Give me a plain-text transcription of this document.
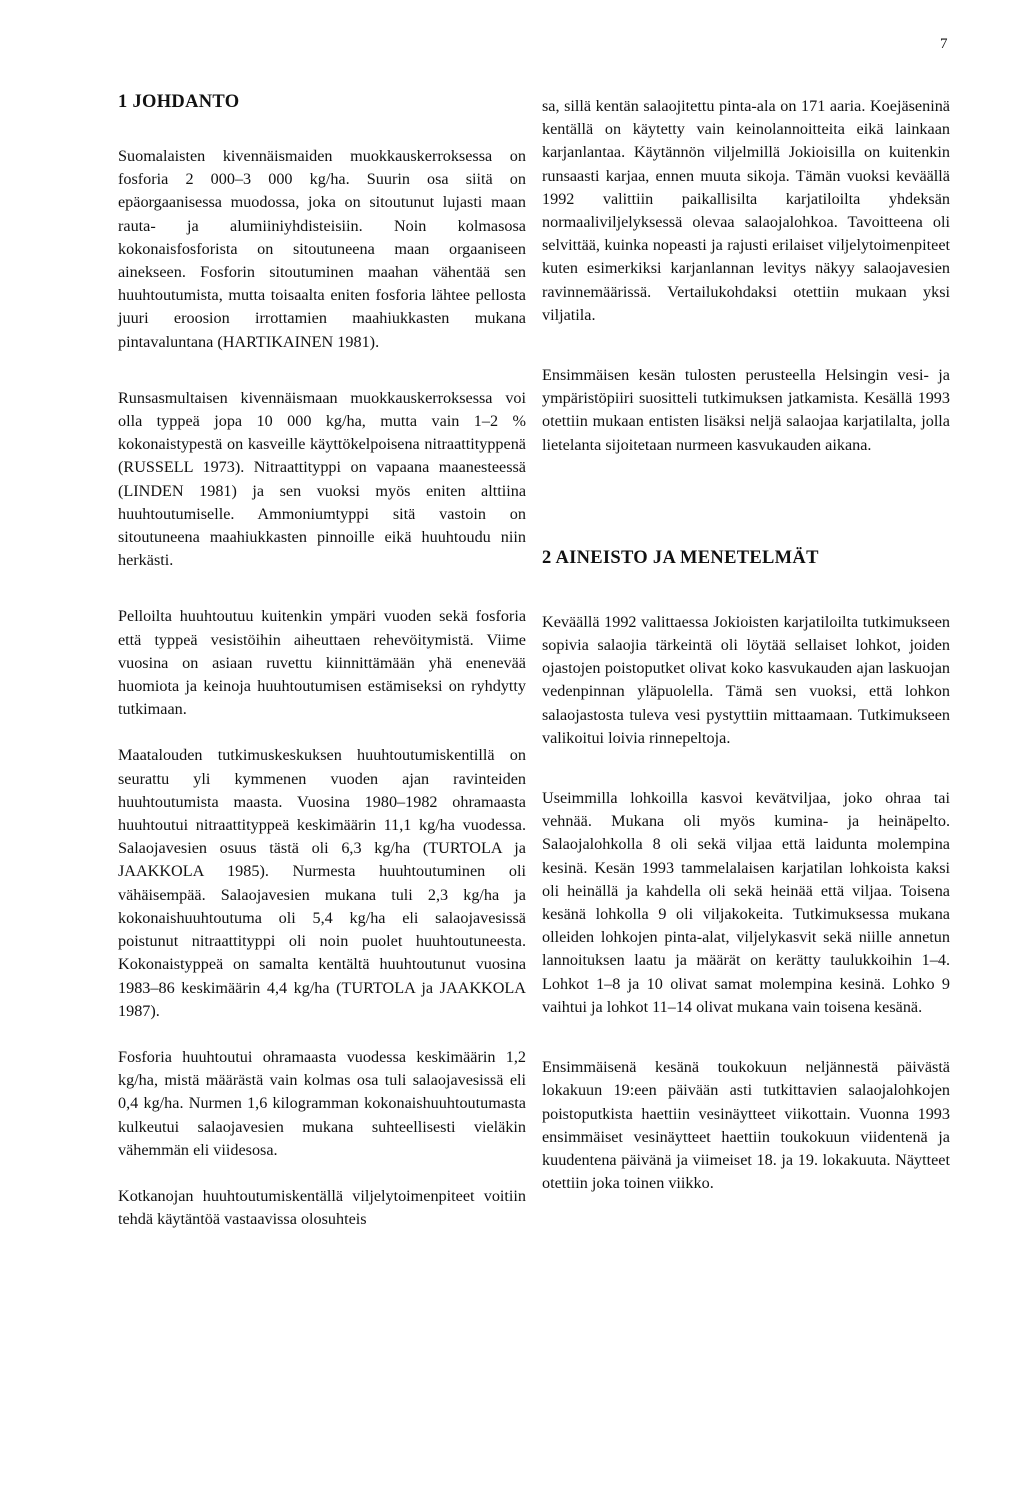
7
1 JOHDANTO

Suomalaisten kivennäismaiden muokkauskerroksessa on fosforia 2 000–3 000 kg/ha. Suurin osa siitä on epäorgaanisessa muodossa, joka on sitoutunut lujasti maan rauta- ja alumiiniyhdisteisiin. Noin kolmasosa kokonaisfosforista on sitoutuneena maan orgaaniseen ainekseen. Fosforin sitoutuminen maahan vähentää sen huuhtoutumista, mutta toisaalta eniten fosforia lähtee pellosta juuri eroosion irrottamien maahiukkasten mukana pintavaluntana (HARTIKAINEN 1981).

Runsasmultaisen kivennäismaan muokkauskerroksessa voi olla typpeä jopa 10 000 kg/ha, mutta vain 1–2 % kokonaistypestä on kasveille käyttökelpoisena nitraattityppenä (RUSSELL 1973). Nitraattityppi on vapaana maanesteessä (LINDEN 1981) ja sen vuoksi myös eniten alttiina huuhtoutumiselle. Ammoniumtyppi sitä vastoin on sitoutuneena maahiukkasten pinnoille eikä huuhtoudu niin herkästi.

Pelloilta huuhtoutuu kuitenkin ympäri vuoden sekä fosforia että typpeä vesistöihin aiheuttaen rehevöitymistä. Viime vuosina on asiaan ruvettu kiinnittämään yhä enenevää huomiota ja keinoja huuhtoutumisen estämiseksi on ryhdytty tutkimaan.

Maatalouden tutkimuskeskuksen huuhtoutumiskentillä on seurattu yli kymmenen vuoden ajan ravinteiden huuhtoutumista maasta. Vuosina 1980–1982 ohramaasta huuhtoutui nitraattityppeä keskimäärin 11,1 kg/ha vuodessa. Salaojavesien osuus tästä oli 6,3 kg/ha (TURTOLA ja JAAKKOLA 1985). Nurmesta huuhtoutuminen oli vähäisempää. Salaojavesien mukana tuli 2,3 kg/ha ja kokonaishuuhtoutuma oli 5,4 kg/ha eli salaojavesissä poistunut nitraattityppi oli noin puolet huuhtoutuneesta. Kokonaistyppeä on samalta kentältä huuhtoutunut vuosina 1983–86 keskimäärin 4,4 kg/ha (TURTOLA ja JAAKKOLA 1987).

Fosforia huuhtoutui ohramaasta vuodessa keskimäärin 1,2 kg/ha, mistä määrästä vain kolmas osa tuli salaojavesissä eli 0,4 kg/ha. Nurmen 1,6 kilogramman kokonaishuuhtoutumasta kulkeutui salaojavesien mukana suhteellisesti vieläkin vähemmän eli viidesosa.

Kotkanojan huuhtoutumiskentällä viljelytoimenpiteet voitiin tehdä käytäntöä vastaavissa olosuhteis

sa, sillä kentän salaojitettu pinta-ala on 171 aaria. Koejäseninä kentällä on käytetty vain keinolannoitteita eikä lainkaan karjanlantaa. Käytännön viljelmillä Jokioisilla on kuitenkin runsaasti karjaa, ennen muuta sikoja. Tämän vuoksi keväällä 1992 valittiin paikallisilta karjatiloilta yhdeksän normaaliviljelyksessä olevaa salaojalohkoa. Tavoitteena oli selvittää, kuinka nopeasti ja rajusti erilaiset viljelytoimenpiteet kuten esimerkiksi karjanlannan levitys näkyy salaojavesien ravinnemäärissä. Vertailukohdaksi otettiin mukaan yksi viljatila.

Ensimmäisen kesän tulosten perusteella Helsingin vesi- ja ympäristöpiiri suositteli tutkimuksen jatkamista. Kesällä 1993 otettiin mukaan entisten lisäksi neljä salaojaa karjatilalta, jolla lietelanta sijoitetaan nurmeen kasvukauden aikana.

2 AINEISTO JA MENETELMÄT

Keväällä 1992 valittaessa Jokioisten karjatiloilta tutkimukseen sopivia salaojia tärkeintä oli löytää sellaiset lohkot, joiden ojastojen poistoputket olivat koko kasvukauden ajan laskuojan vedenpinnan yläpuolella. Tämä sen vuoksi, että lohkon salaojastosta tuleva vesi pystyttiin mittaamaan. Tutkimukseen valikoitui loivia rinnepeltoja.

Useimmilla lohkoilla kasvoi kevätviljaa, joko ohraa tai vehnää. Mukana oli myös kumina- ja heinäpelto. Salaojalohkolla 8 oli sekä viljaa että laidunta molempina kesinä. Kesän 1993 tammelalaisen karjatilan lohkoista kaksi oli heinällä ja kahdella oli sekä heinää että viljaa. Toisena kesänä lohkolla 9 oli viljakokeita. Tutkimuksessa mukana olleiden lohkojen pinta-alat, viljelykasvit sekä niille annetun lannoituksen laatu ja määrät on kerätty taulukkoihin 1–4. Lohkot 1–8 ja 10 olivat samat molempina kesinä. Lohko 9 vaihtui ja lohkot 11–14 olivat mukana vain toisena kesänä.

Ensimmäisenä kesänä toukokuun neljännestä päivästä lokakuun 19:een päivään asti tutkittavien salaojalohkojen poistoputkista haettiin vesinäytteet viikottain. Vuonna 1993 ensimmäiset vesinäytteet haettiin toukokuun viidentenä ja kuudentena päivänä ja viimeiset 18. ja 19. lokakuuta. Näytteet otettiin joka toinen viikko.
